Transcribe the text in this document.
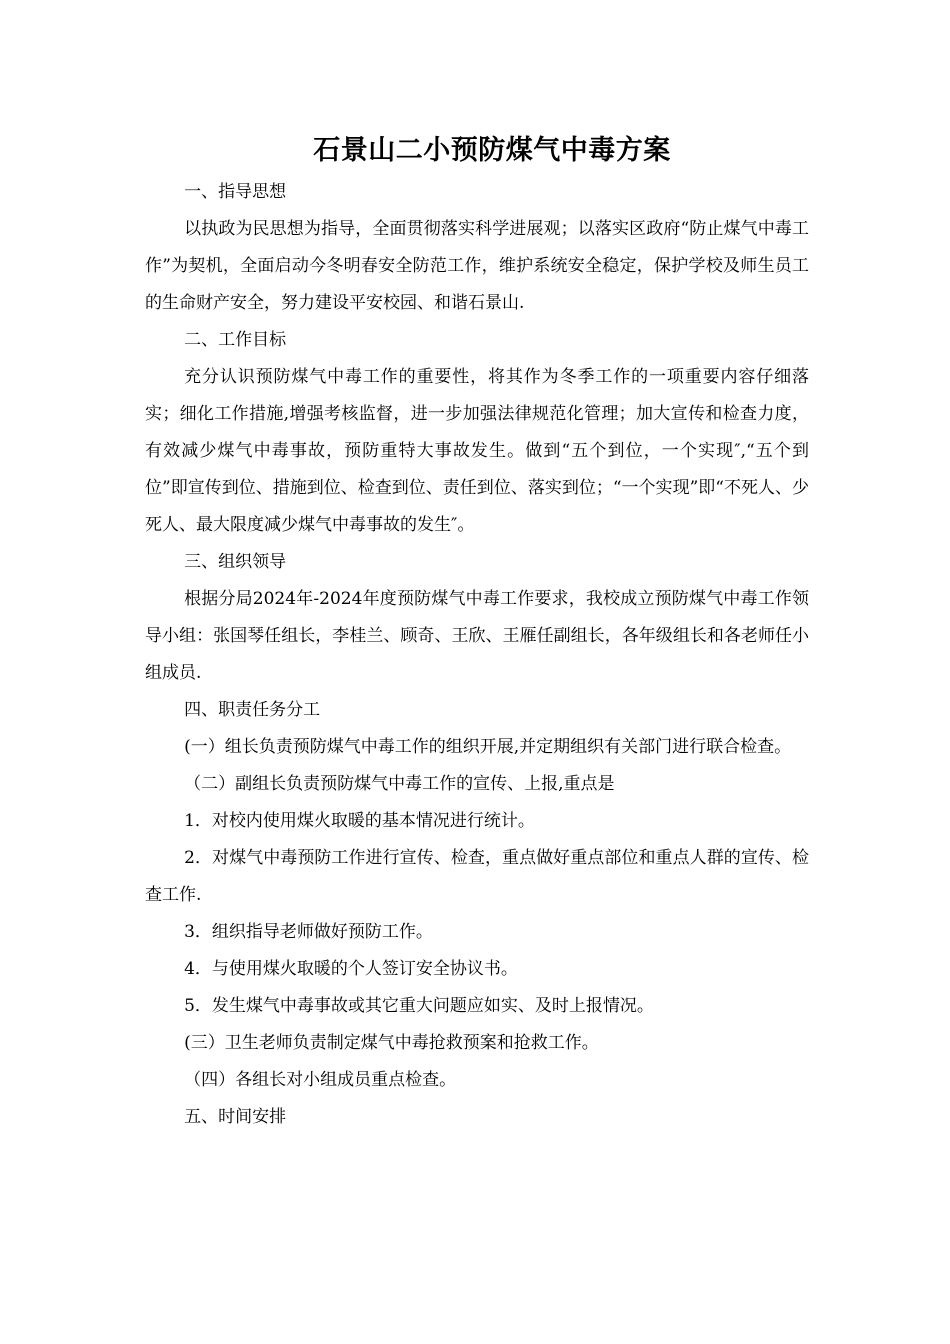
石景山二小预防煤气中毒方案

一、指导思想

以执政为民思想为指导，全面贯彻落实科学进展观；以落实区政府“防止煤气中毒工作”为契机，全面启动今冬明春安全防范工作，维护系统安全稳定，保护学校及师生员工的生命财产安全，努力建设平安校园、和谐石景山.

二、工作目标

充分认识预防煤气中毒工作的重要性，将其作为冬季工作的一项重要内容仔细落实；细化工作措施,增强考核监督，进一步加强法律规范化管理；加大宣传和检查力度，有效减少煤气中毒事故，预防重特大事故发生。做到“五个到位，一个实现″,“五个到位”即宣传到位、措施到位、检查到位、责任到位、落实到位；“一个实现”即“不死人、少死人、最大限度减少煤气中毒事故的发生″。

三、组织领导

根据分局2024年-2024年度预防煤气中毒工作要求，我校成立预防煤气中毒工作领导小组：张国琴任组长，李桂兰、顾奇、王欣、王雁任副组长，各年级组长和各老师任小组成员.

四、职责任务分工

(一）组长负责预防煤气中毒工作的组织开展,并定期组织有关部门进行联合检查。

（二）副组长负责预防煤气中毒工作的宣传、上报,重点是

1．对校内使用煤火取暖的基本情况进行统计。

2．对煤气中毒预防工作进行宣传、检查，重点做好重点部位和重点人群的宣传、检查工作.

3．组织指导老师做好预防工作。

4．与使用煤火取暖的个人签订安全协议书。

5．发生煤气中毒事故或其它重大问题应如实、及时上报情况。

(三）卫生老师负责制定煤气中毒抢救预案和抢救工作。

（四）各组长对小组成员重点检查。

五、时间安排
